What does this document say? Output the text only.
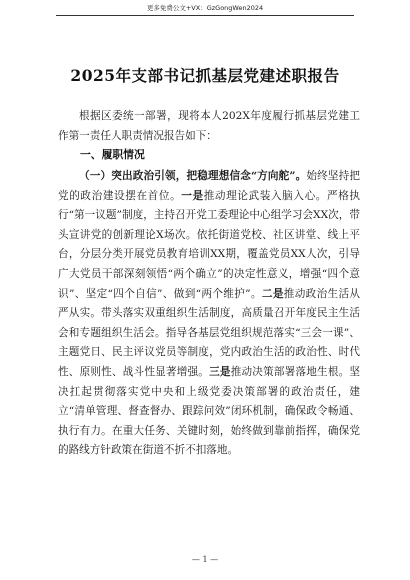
更多免费公文+VX：GzGongWen2024
2025年支部书记抓基层党建述职报告
根据区委统一部署，现将本人202X年度履行抓基层党建工作第一责任人职责情况报告如下：
一、履职情况
（一）突出政治引领，把稳理想信念“方向舵”。始终坚持把党的政治建设摆在首位。一是推动理论武装入脑入心。严格执行“第一议题”制度，主持召开党工委理论中心组学习会XX次，带头宣讲党的创新理论X场次。依托街道党校、社区讲堂、线上平台，分层分类开展党员教育培训XX期，覆盖党员XX人次，引导广大党员干部深刻领悟“两个确立”的决定性意义，增强“四个意识”、坚定“四个自信”、做到“两个维护”。二是推动政治生活从严从实。带头落实双重组织生活制度，高质量召开年度民主生活会和专题组织生活会。指导各基层党组织规范落实“三会一课”、主题党日、民主评议党员等制度，党内政治生活的政治性、时代性、原则性、战斗性显著增强。三是推动决策部署落地生根。坚决扛起贯彻落实党中央和上级党委决策部署的政治责任，建立“清单管理、督查督办、跟踪问效”闭环机制，确保政令畅通、执行有力。在重大任务、关键时刻，始终做到靠前指挥，确保党的路线方针政策在街道不折不扣落地。
— 1 —
